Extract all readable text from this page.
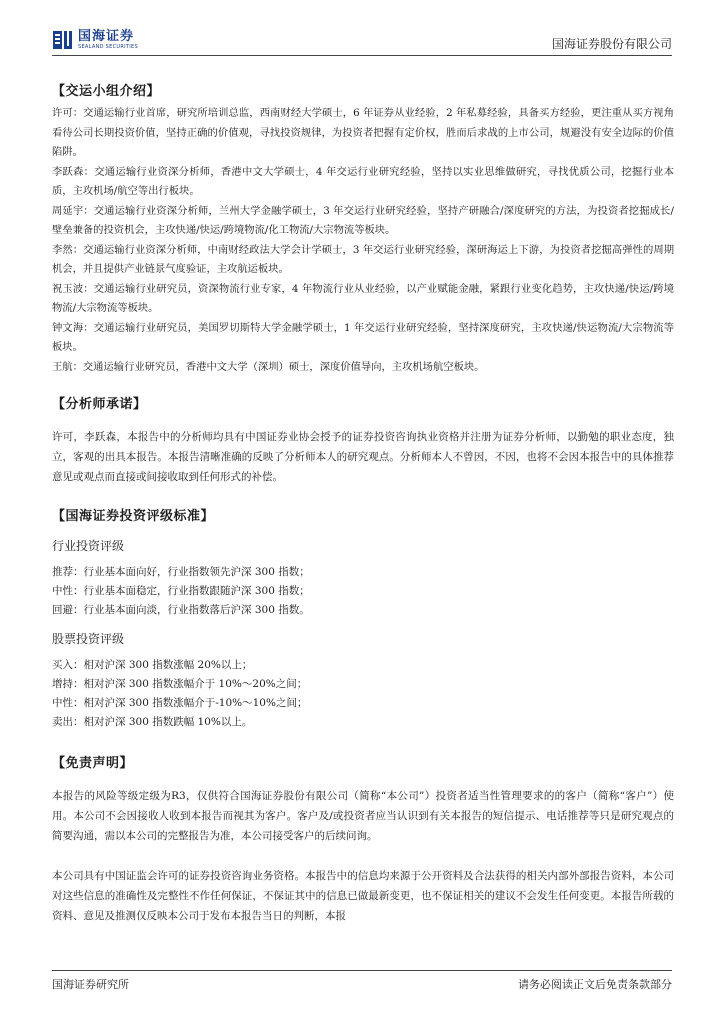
国海证券
SEALAND SECURITIES	国海证券股份有限公司
【交运小组介绍】

许可：交通运输行业首席，研究所培训总监，西南财经大学硕士，6 年证券从业经验，2 年私募经验，具备买方经验，更注重从买方视角看待公司长期投资价值，坚持正确的价值观，寻找投资规律，为投资者把握有定价权，胜而后求战的上市公司，规避没有安全边际的价值陷阱。

李跃森：交通运输行业资深分析师，香港中文大学硕士，4 年交运行业研究经验，坚持以实业思维做研究，寻找优质公司，挖掘行业本质，主攻机场/航空等出行板块。

周延宇：交通运输行业资深分析师，兰州大学金融学硕士，3 年交运行业研究经验，坚持产研融合/深度研究的方法，为投资者挖掘成长/壁垒兼备的投资机会，主攻快递/快运/跨境物流/化工物流/大宗物流等板块。

李然：交通运输行业资深分析师，中南财经政法大学会计学硕士，3 年交运行业研究经验，深研海运上下游，为投资者挖掘高弹性的周期机会，并且提供产业链景气度验证，主攻航运板块。

祝玉波：交通运输行业研究员，资深物流行业专家，4 年物流行业从业经验，以产业赋能金融，紧跟行业变化趋势，主攻快递/快运/跨境物流/大宗物流等板块。

钟文海：交通运输行业研究员，美国罗切斯特大学金融学硕士，1 年交运行业研究经验，坚持深度研究，主攻快递/快运物流/大宗物流等板块。

王航：交通运输行业研究员，香港中文大学（深圳）硕士，深度价值导向，主攻机场航空板块。

【分析师承诺】

许可，李跃森，本报告中的分析师均具有中国证券业协会授予的证券投资咨询执业资格并注册为证券分析师，以勤勉的职业态度，独立，客观的出具本报告。本报告清晰准确的反映了分析师本人的研究观点。分析师本人不曾因，不因，也将不会因本报告中的具体推荐意见或观点而直接或间接收取到任何形式的补偿。

【国海证券投资评级标准】

行业投资评级

推荐：行业基本面向好，行业指数领先沪深 300 指数；

中性：行业基本面稳定，行业指数跟随沪深 300 指数；

回避：行业基本面向淡，行业指数落后沪深 300 指数。

股票投资评级

买入：相对沪深 300 指数涨幅 20%以上；

增持：相对沪深 300 指数涨幅介于 10%～20%之间；

中性：相对沪深 300 指数涨幅介于-10%～10%之间；

卖出：相对沪深 300 指数跌幅 10%以上。

【免责声明】

本报告的风险等级定级为R3，仅供符合国海证券股份有限公司（简称“本公司”）投资者适当性管理要求的的客户（简称“客户”）使用。本公司不会因接收人收到本报告而视其为客户。客户及/或投资者应当认识到有关本报告的短信提示、电话推荐等只是研究观点的简要沟通，需以本公司的完整报告为准，本公司接受客户的后续问询。

本公司具有中国证监会许可的证券投资咨询业务资格。本报告中的信息均来源于公开资料及合法获得的相关内部外部报告资料，本公司对这些信息的准确性及完整性不作任何保证，不保证其中的信息已做最新变更，也不保证相关的建议不会发生任何变更。本报告所载的资料、意见及推测仅反映本公司于发布本报告当日的判断，本报

国海证券研究所	请务必阅读正文后免责条款部分
